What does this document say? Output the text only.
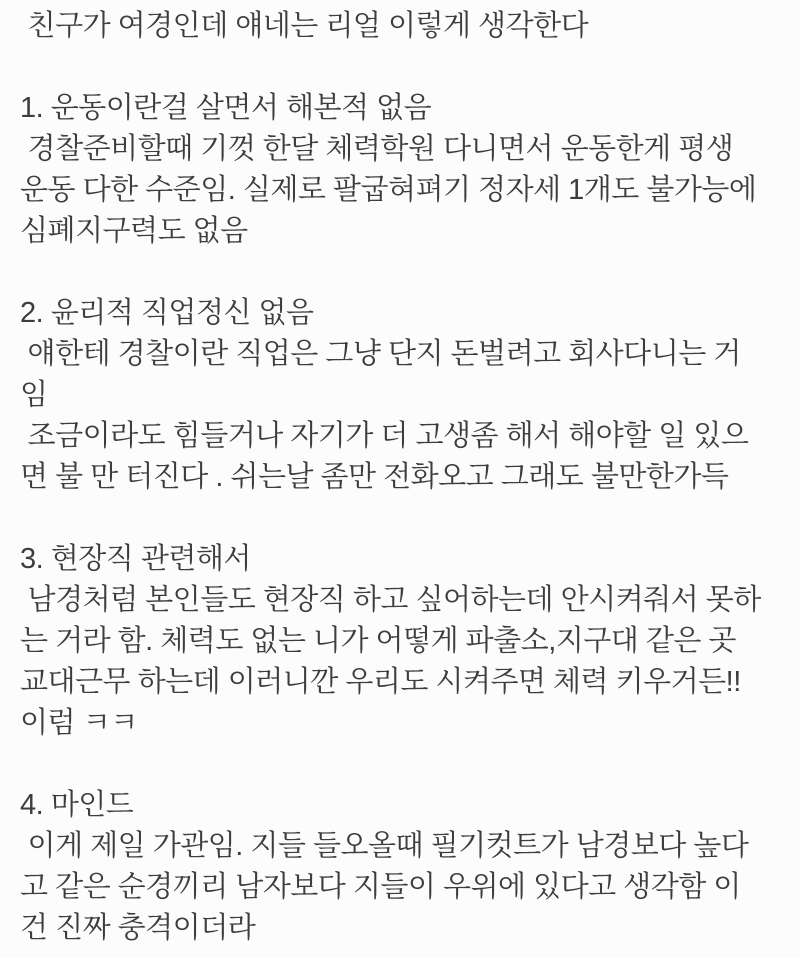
친구가 여경인데 얘네는 리얼 이렇게 생각한다
1. 운동이란걸 살면서 해본적 없음
경찰준비할때 기껏 한달 체력학원 다니면서 운동한게 평생
운동 다한 수준임. 실제로 팔굽혀펴기 정자세 1개도 불가능에
심폐지구력도 없음
2. 윤리적 직업정신 없음
얘한테 경찰이란 직업은 그냥 단지 돈벌려고 회사다니는 거
임
조금이라도 힘들거나 자기가 더 고생좀 해서 해야할 일 있으
면 불 만 터진다 . 쉬는날 좀만 전화오고 그래도 불만한가득
3. 현장직 관련해서
남경처럼 본인들도 현장직 하고 싶어하는데 안시켜줘서 못하
는 거라 함. 체력도 없는 니가 어떻게 파출소,지구대 같은 곳
교대근무 하는데 이러니깐 우리도 시켜주면 체력 키우거든!!
이럼 ㅋㅋ
4. 마인드
이게 제일 가관임. 지들 들오올때 필기컷트가 남경보다 높다
고 같은 순경끼리 남자보다 지들이 우위에 있다고 생각함 이
건 진짜 충격이더라
